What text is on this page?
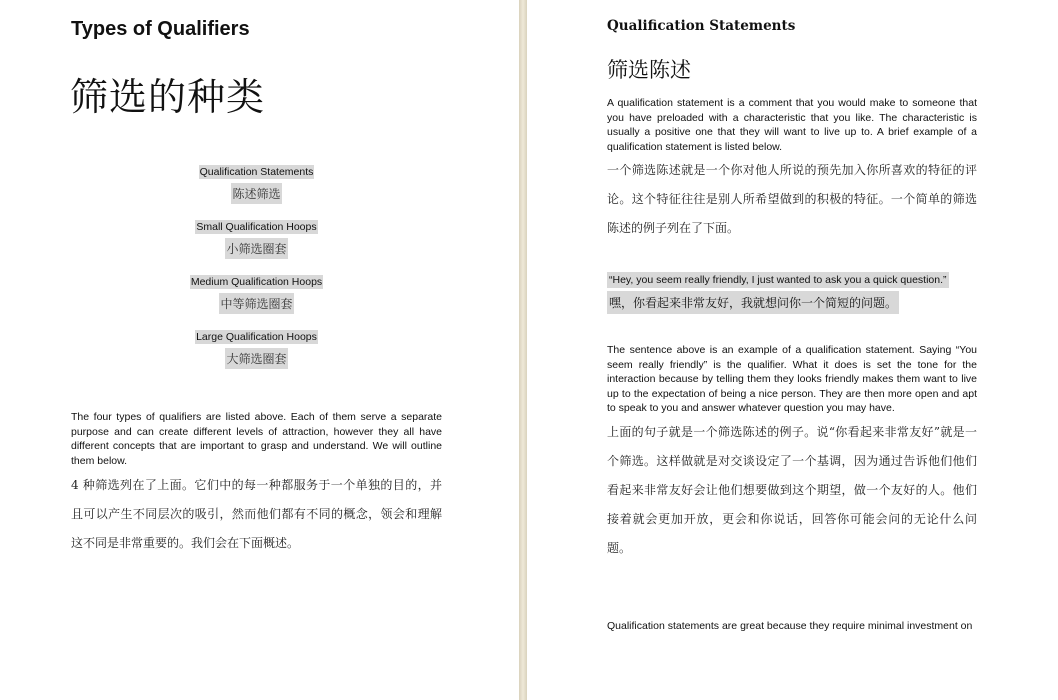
Types of Qualifiers
筛选的种类
Qualification Statements
陈述筛选
Small Qualification Hoops
小筛选圈套
Medium Qualification Hoops
中等筛选圈套
Large Qualification Hoops
大筛选圈套

The four types of qualifiers are listed above. Each of them serve a separate purpose and can create different levels of attraction, however they all have different concepts that are important to grasp and understand. We will outline them below.

4 种筛选列在了上面。它们中的每一种都服务于一个单独的目的，并且可以产生不同层次的吸引，然而他们都有不同的概念，领会和理解这不同是非常重要的。我们会在下面概述。

Qualification Statements
筛选陈述

A qualification statement is a comment that you would make to someone that you have preloaded with a characteristic that you like. The characteristic is usually a positive one that they will want to live up to. A brief example of a qualification statement is listed below.

一个筛选陈述就是一个你对他人所说的预先加入你所喜欢的特征的评论。这个特征往往是别人所希望做到的积极的特征。一个简单的筛选陈述的例子列在了下面。

“Hey, you seem really friendly, I just wanted to ask you a quick question.”
嘿，你看起来非常友好，我就想问你一个简短的问题。

The sentence above is an example of a qualification statement. Saying “You seem really friendly” is the qualifier. What it does is set the tone for the interaction because by telling them they looks friendly makes them want to live up to the expectation of being a nice person. They are then more open and apt to speak to you and answer whatever question you may have.

上面的句子就是一个筛选陈述的例子。说“你看起来非常友好”就是一个筛选。这样做就是对交谈设定了一个基调，因为通过告诉他们他们看起来非常友好会让他们想要做到这个期望，做一个友好的人。他们接着就会更加开放，更会和你说话，回答你可能会问的无论什么问题。

Qualification statements are great because they require minimal investment on
